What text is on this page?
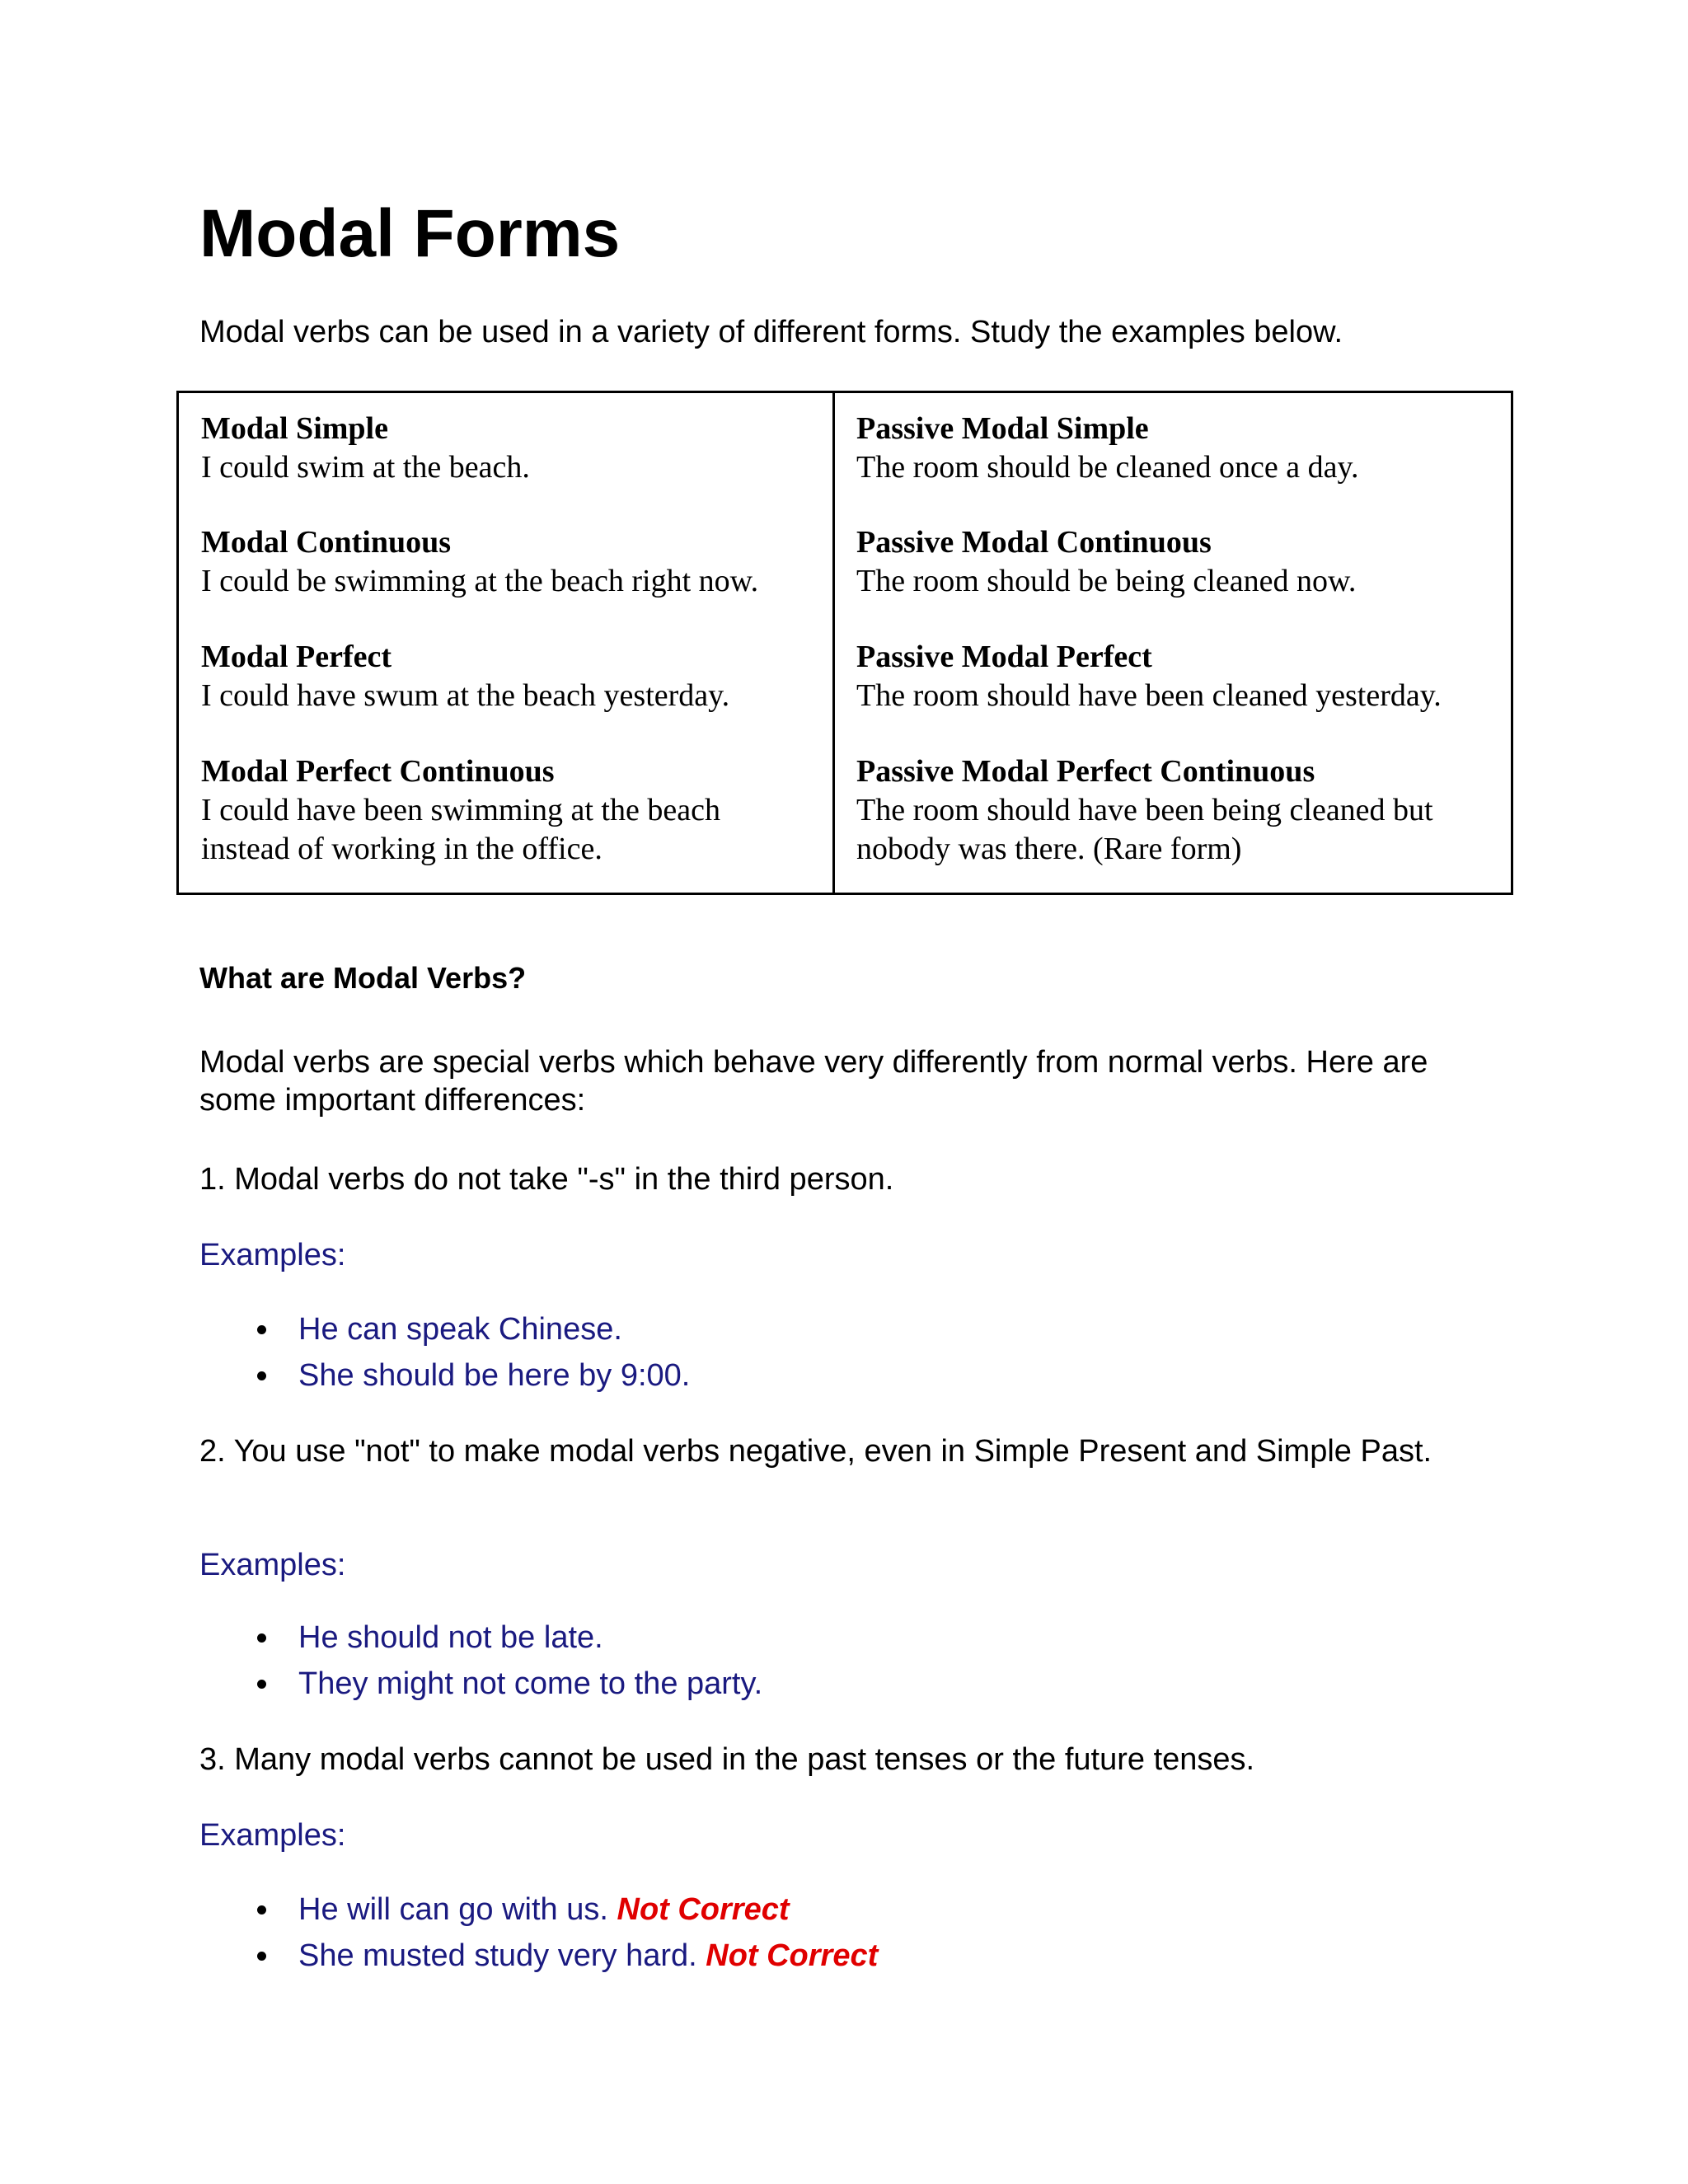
Modal Forms
Modal verbs can be used in a variety of different forms. Study the examples below.
Modal Simple
I could swim at the beach.
Modal Continuous
I could be swimming at the beach right now.
Modal Perfect
I could have swum at the beach yesterday.
Modal Perfect Continuous
I could have been swimming at the beach
instead of working in the office.
Passive Modal Simple
The room should be cleaned once a day.
Passive Modal Continuous
The room should be being cleaned now.
Passive Modal Perfect
The room should have been cleaned yesterday.
Passive Modal Perfect Continuous
The room should have been being cleaned but
nobody was there. (Rare form)
What are Modal Verbs?
Modal verbs are special verbs which behave very differently from normal verbs. Here are some important differences:
1. Modal verbs do not take "-s" in the third person.
Examples:
He can speak Chinese.
She should be here by 9:00.
2. You use "not" to make modal verbs negative, even in Simple Present and Simple Past.
Examples:
He should not be late.
They might not come to the party.
3. Many modal verbs cannot be used in the past tenses or the future tenses.
Examples:
He will can go with us. Not Correct
She musted study very hard. Not Correct
